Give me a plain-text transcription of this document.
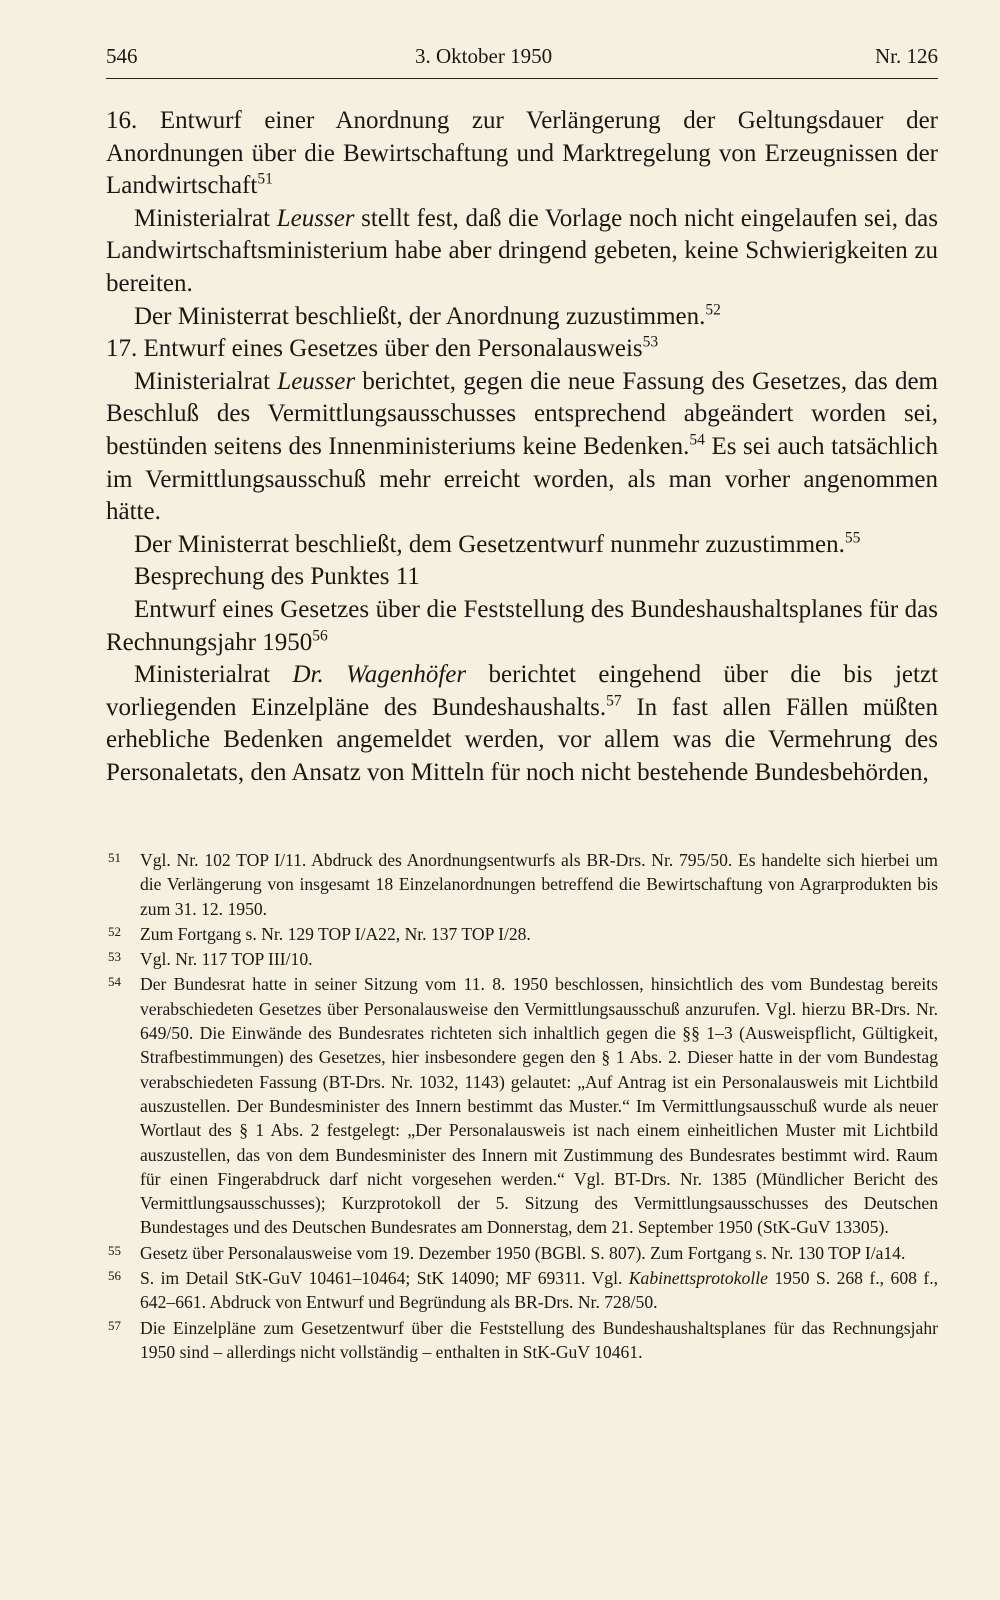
546	3. Oktober 1950	Nr. 126

16. Entwurf einer Anordnung zur Verlängerung der Geltungsdauer der Anordnungen über die Bewirtschaftung und Marktregelung von Erzeugnissen der Landwirtschaft$^{51}$

Ministerialrat Leusser stellt fest, daß die Vorlage noch nicht eingelaufen sei, das Landwirtschaftsministerium habe aber dringend gebeten, keine Schwierigkeiten zu bereiten.

Der Ministerrat beschließt, der Anordnung zuzustimmen.$^{52}$

17. Entwurf eines Gesetzes über den Personalausweis$^{53}$

Ministerialrat Leusser berichtet, gegen die neue Fassung des Gesetzes, das dem Beschluß des Vermittlungsausschusses entsprechend abgeändert worden sei, bestünden seitens des Innenministeriums keine Bedenken.$^{54}$ Es sei auch tatsächlich im Vermittlungsausschuß mehr erreicht worden, als man vorher angenommen hätte.

Der Ministerrat beschließt, dem Gesetzentwurf nunmehr zuzustimmen.$^{55}$

Besprechung des Punktes 11

Entwurf eines Gesetzes über die Feststellung des Bundeshaushaltsplanes für das Rechnungsjahr 1950$^{56}$

Ministerialrat Dr. Wagenhöfer berichtet eingehend über die bis jetzt vorliegenden Einzelpläne des Bundeshaushalts.$^{57}$ In fast allen Fällen müßten erhebliche Bedenken angemeldet werden, vor allem was die Vermehrung des Personaletats, den Ansatz von Mitteln für noch nicht bestehende Bundesbehörden,

51 Vgl. Nr. 102 TOP I/11. Abdruck des Anordnungsentwurfs als BR-Drs. Nr. 795/50. Es handelte sich hierbei um die Verlängerung von insgesamt 18 Einzelanordnungen betreffend die Bewirtschaftung von Agrarprodukten bis zum 31. 12. 1950.
52 Zum Fortgang s. Nr. 129 TOP I/A22, Nr. 137 TOP I/28.
53 Vgl. Nr. 117 TOP III/10.
54 Der Bundesrat hatte in seiner Sitzung vom 11. 8. 1950 beschlossen, hinsichtlich des vom Bundestag bereits verabschiedeten Gesetzes über Personalausweise den Vermittlungsausschuß anzurufen. Vgl. hierzu BR-Drs. Nr. 649/50. Die Einwände des Bundesrates richteten sich inhaltlich gegen die §§ 1–3 (Ausweispflicht, Gültigkeit, Strafbestimmungen) des Gesetzes, hier insbesondere gegen den § 1 Abs. 2. Dieser hatte in der vom Bundestag verabschiedeten Fassung (BT-Drs. Nr. 1032, 1143) gelautet: „Auf Antrag ist ein Personalausweis mit Lichtbild auszustellen. Der Bundesminister des Innern bestimmt das Muster.“ Im Vermittlungsausschuß wurde als neuer Wortlaut des § 1 Abs. 2 festgelegt: „Der Personalausweis ist nach einem einheitlichen Muster mit Lichtbild auszustellen, das von dem Bundesminister des Innern mit Zustimmung des Bundesrates bestimmt wird. Raum für einen Fingerabdruck darf nicht vorgesehen werden.“ Vgl. BT-Drs. Nr. 1385 (Mündlicher Bericht des Vermittlungsausschusses); Kurzprotokoll der 5. Sitzung des Vermittlungsausschusses des Deutschen Bundestages und des Deutschen Bundesrates am Donnerstag, dem 21. September 1950 (StK-GuV 13305).
55 Gesetz über Personalausweise vom 19. Dezember 1950 (BGBl. S. 807). Zum Fortgang s. Nr. 130 TOP I/a14.
56 S. im Detail StK-GuV 10461–10464; StK 14090; MF 69311. Vgl. Kabinettsprotokolle 1950 S. 268 f., 608 f., 642–661. Abdruck von Entwurf und Begründung als BR-Drs. Nr. 728/50.
57 Die Einzelpläne zum Gesetzentwurf über die Feststellung des Bundeshaushaltsplanes für das Rechnungsjahr 1950 sind – allerdings nicht vollständig – enthalten in StK-GuV 10461.
